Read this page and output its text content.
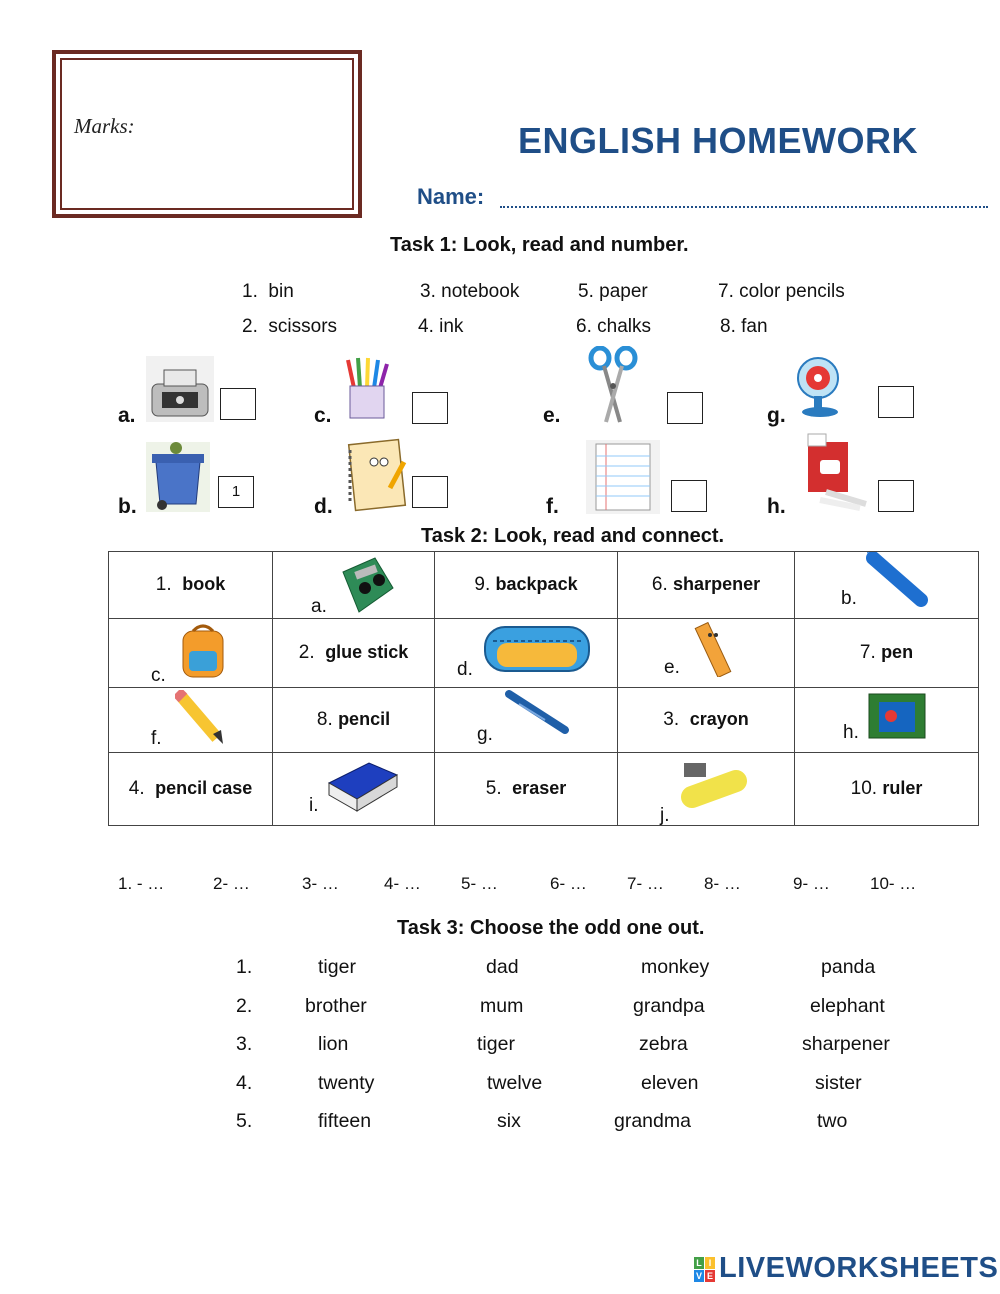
Marks:	ENGLISH HOMEWORK
Name:
Task 1: Look, read and number.
1. bin	3. notebook	5. paper	7. color pencils
2. scissors	4. ink	6. chalks	8. fan
a.	c.	e.	g.
b.
1
d.	f.	h.
Task 2: Look, read and connect.
1. book	a.	9. backpack	6. sharpener	b.

c.	2. glue stick	d.	e.	7. pen

f.	8. pencil	g.	3. crayon	h.

4. pencil case	i.	5. eraser	j.	10. ruler
1. - …	2- …	3- …	4- … 5- …	6- … 7- … 8- …	9- … 10- …
Task 3: Choose the odd one out.
1.	tiger	dad	monkey	panda
2.	brother	mum	grandpa	elephant
3.	lion	tiger	zebra	sharpener
4.	twenty	twelve	eleven	sister
5.	fifteen	six	grandma	two
L I
V E LIVEWORKSHEETS
